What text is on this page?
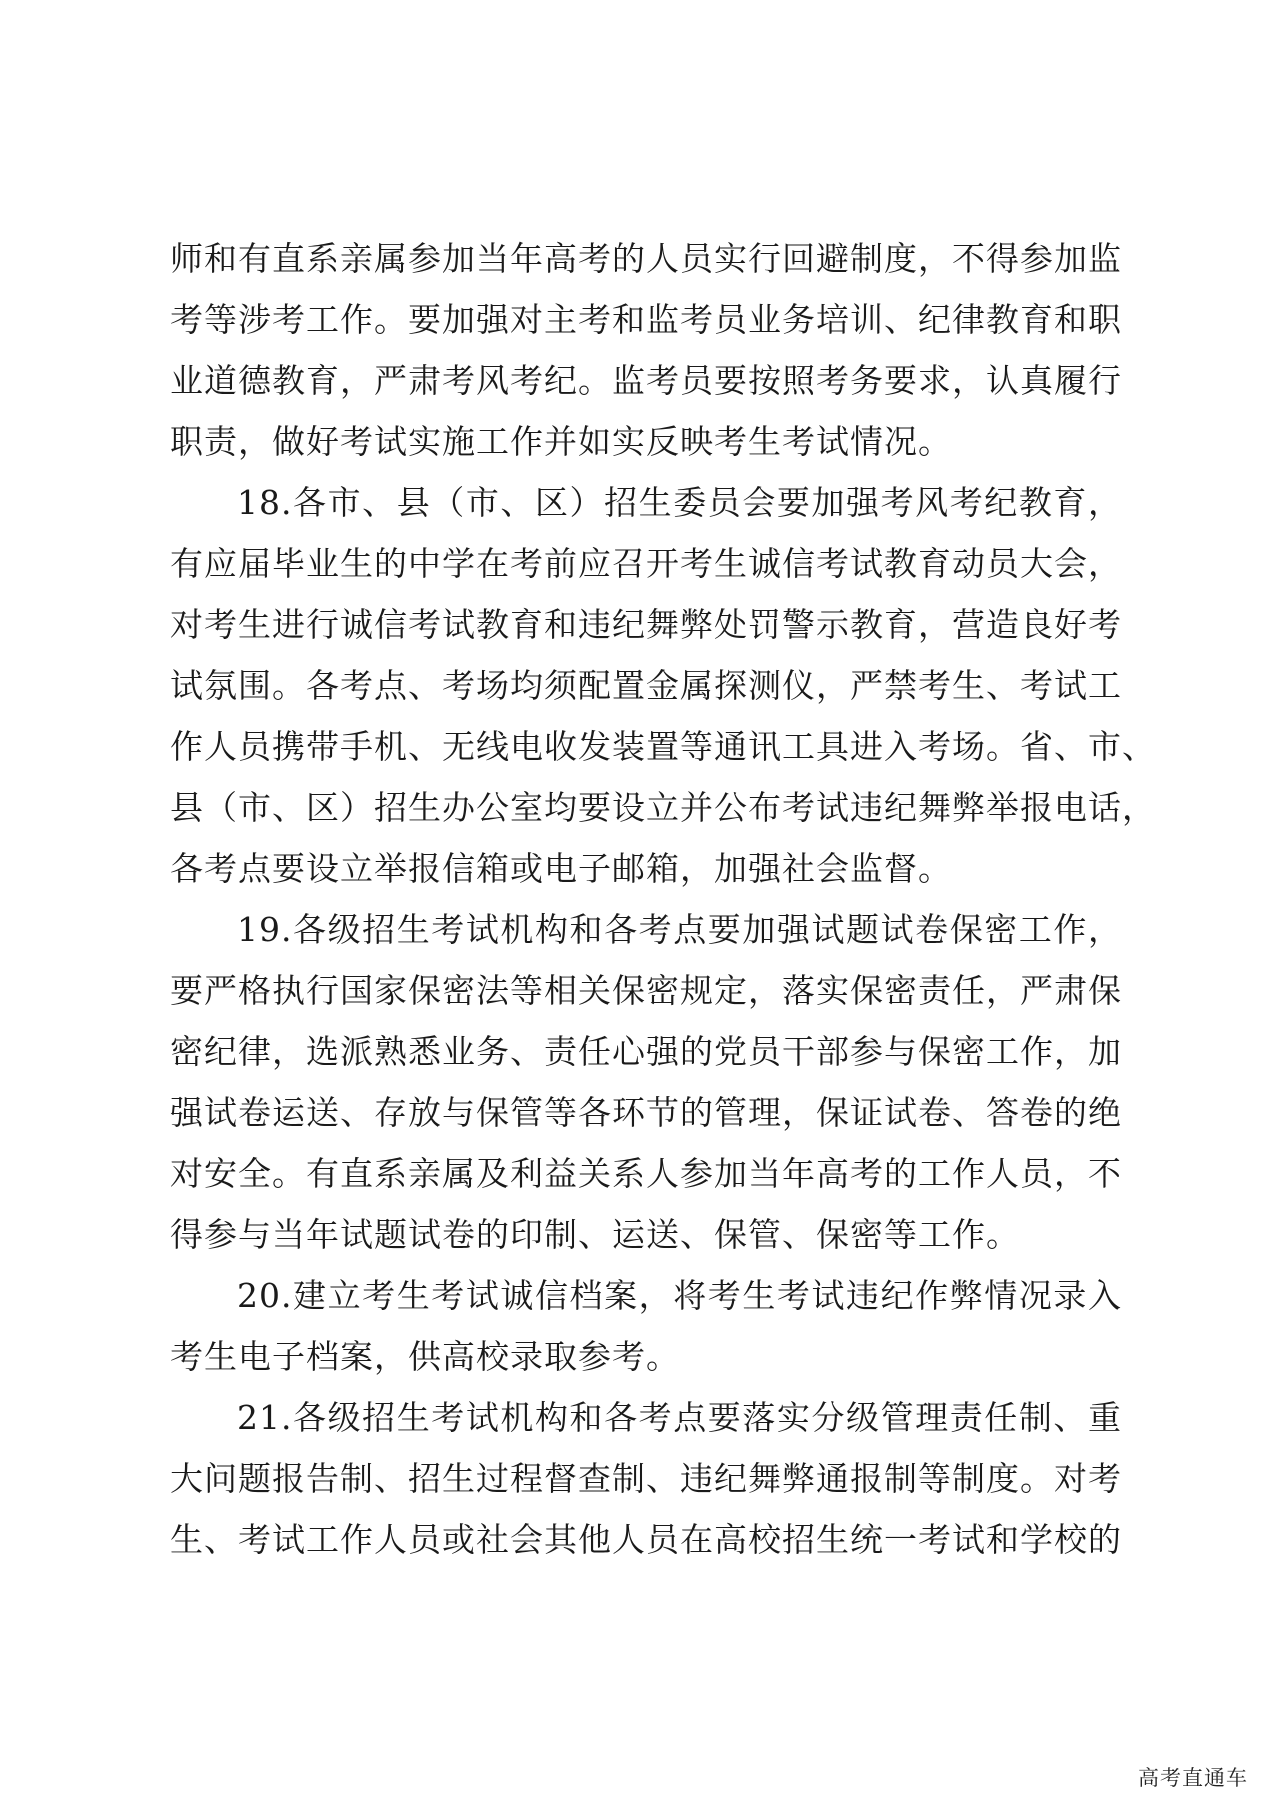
师和有直系亲属参加当年高考的人员实行回避制度，不得参加监
考等涉考工作。要加强对主考和监考员业务培训、纪律教育和职
业道德教育，严肃考风考纪。监考员要按照考务要求，认真履行
职责，做好考试实施工作并如实反映考生考试情况。
18.各市、县（市、区）招生委员会要加强考风考纪教育，
有应届毕业生的中学在考前应召开考生诚信考试教育动员大会，
对考生进行诚信考试教育和违纪舞弊处罚警示教育，营造良好考
试氛围。各考点、考场均须配置金属探测仪，严禁考生、考试工
作人员携带手机、无线电收发装置等通讯工具进入考场。省、市、
县（市、区）招生办公室均要设立并公布考试违纪舞弊举报电话，
各考点要设立举报信箱或电子邮箱，加强社会监督。
19.各级招生考试机构和各考点要加强试题试卷保密工作，
要严格执行国家保密法等相关保密规定，落实保密责任，严肃保
密纪律，选派熟悉业务、责任心强的党员干部参与保密工作，加
强试卷运送、存放与保管等各环节的管理，保证试卷、答卷的绝
对安全。有直系亲属及利益关系人参加当年高考的工作人员，不
得参与当年试题试卷的印制、运送、保管、保密等工作。
20.建立考生考试诚信档案，将考生考试违纪作弊情况录入
考生电子档案，供高校录取参考。
21.各级招生考试机构和各考点要落实分级管理责任制、重
大问题报告制、招生过程督查制、违纪舞弊通报制等制度。对考
生、考试工作人员或社会其他人员在高校招生统一考试和学校的
高考直通车
